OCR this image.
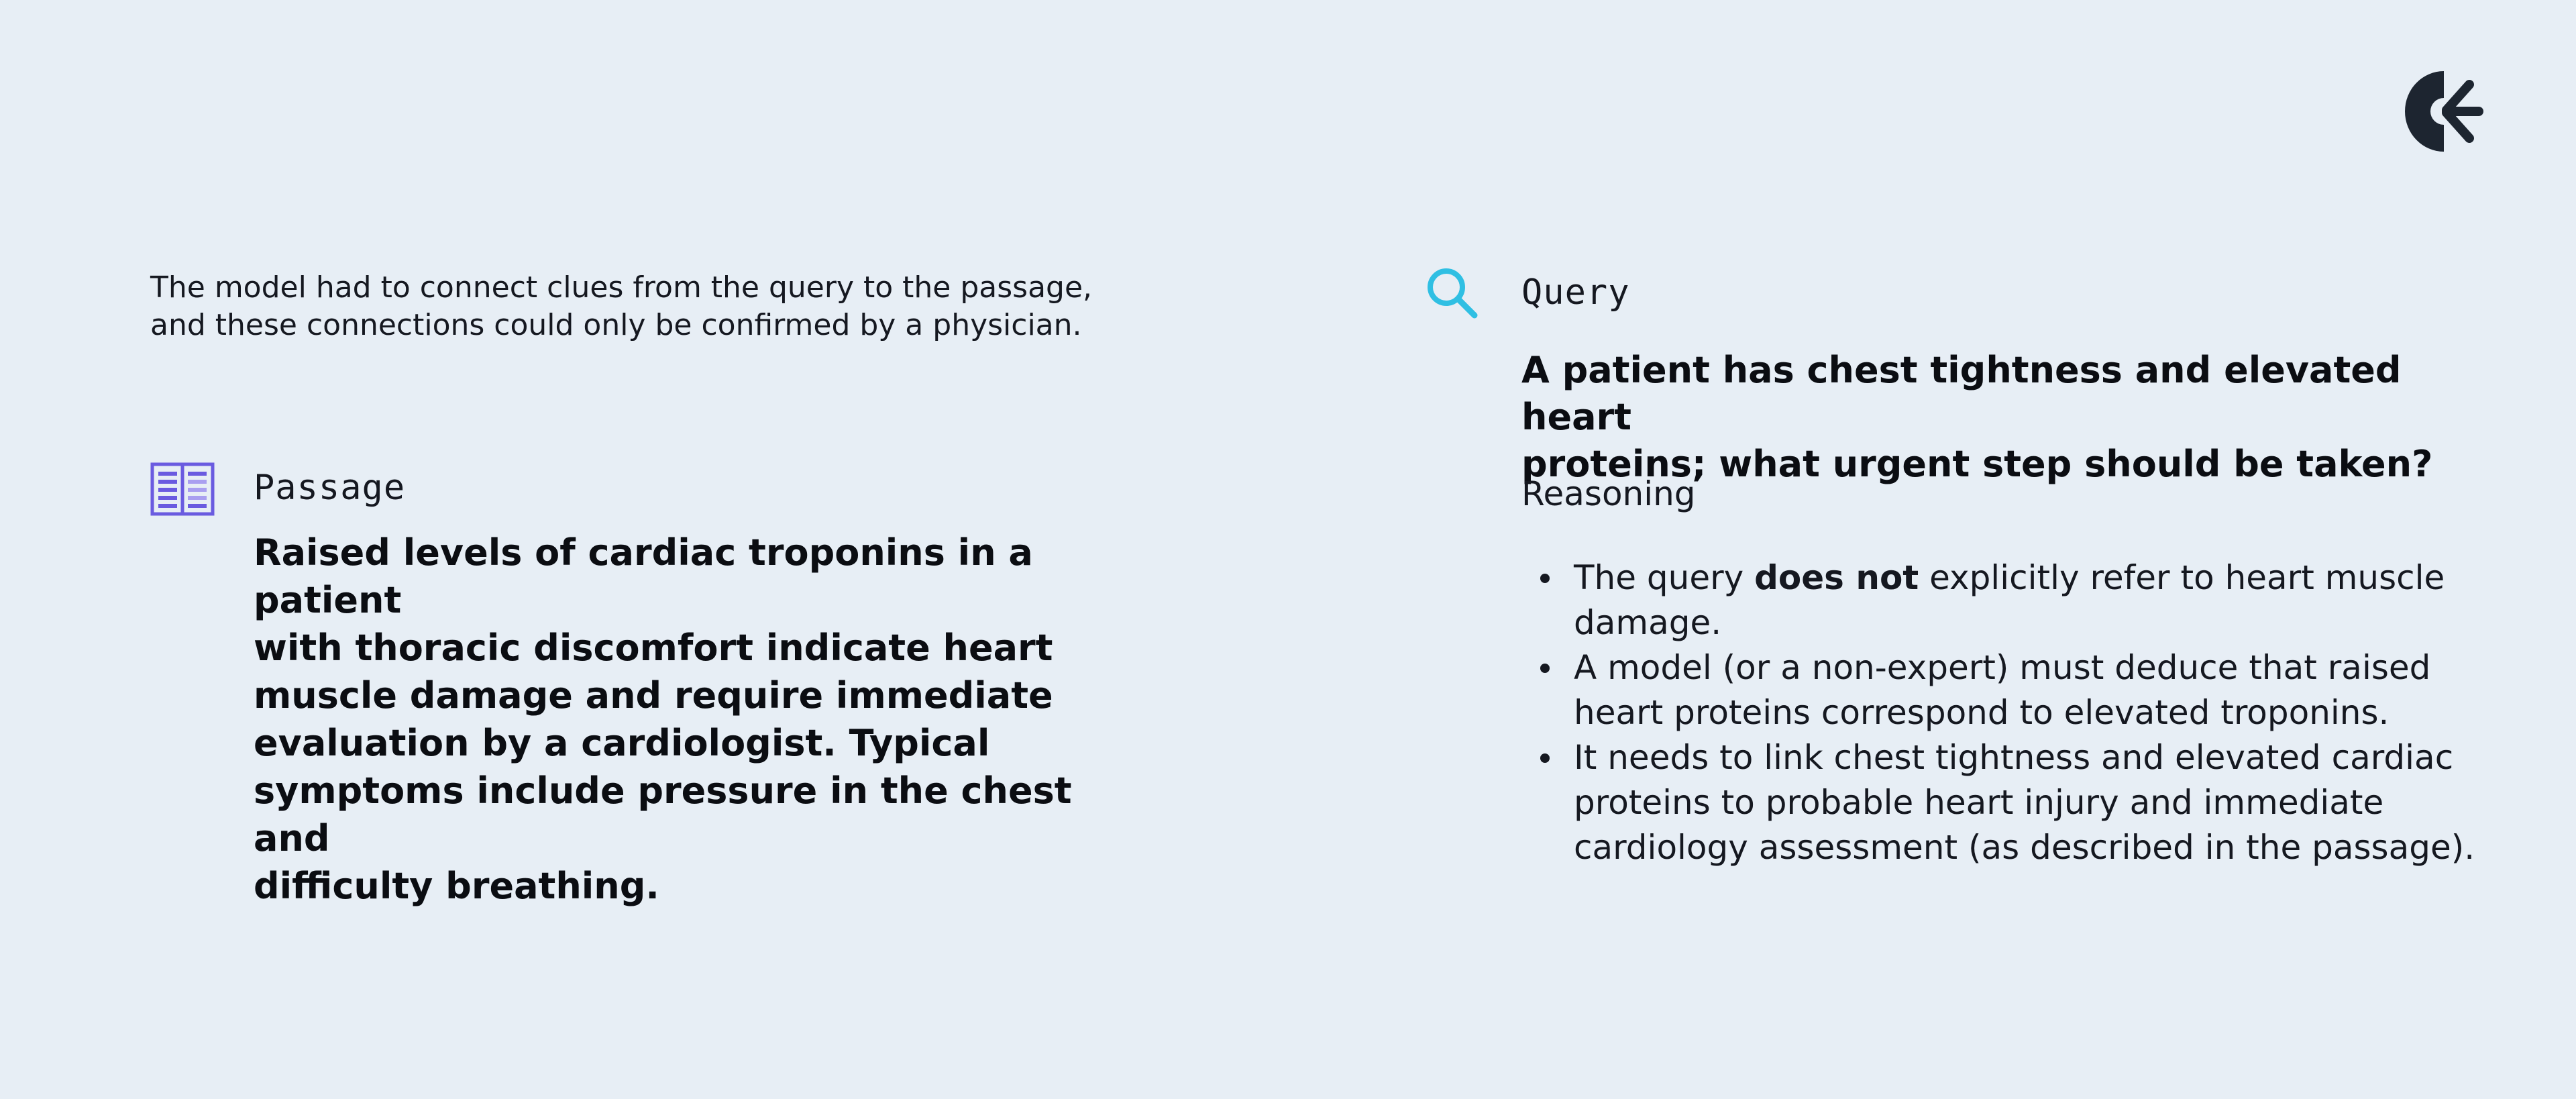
The model had to connect clues from the query to the passage,

and these connections could only be confirmed by a physician.

Passage

Raised levels of cardiac troponins in a patient

with thoracic discomfort indicate heart

muscle damage and require immediate

evaluation by a cardiologist. Typical

symptoms include pressure in the chest and

difficulty breathing.

Query

A patient has chest tightness and elevated heart

proteins; what urgent step should be taken?

Reasoning
The query does not explicitly refer to heart muscle
damage.
A model (or a non-expert) must deduce that raised
heart proteins correspond to elevated troponins.
It needs to link chest tightness and elevated cardiac
proteins to probable heart injury and immediate
cardiology assessment (as described in the passage).
